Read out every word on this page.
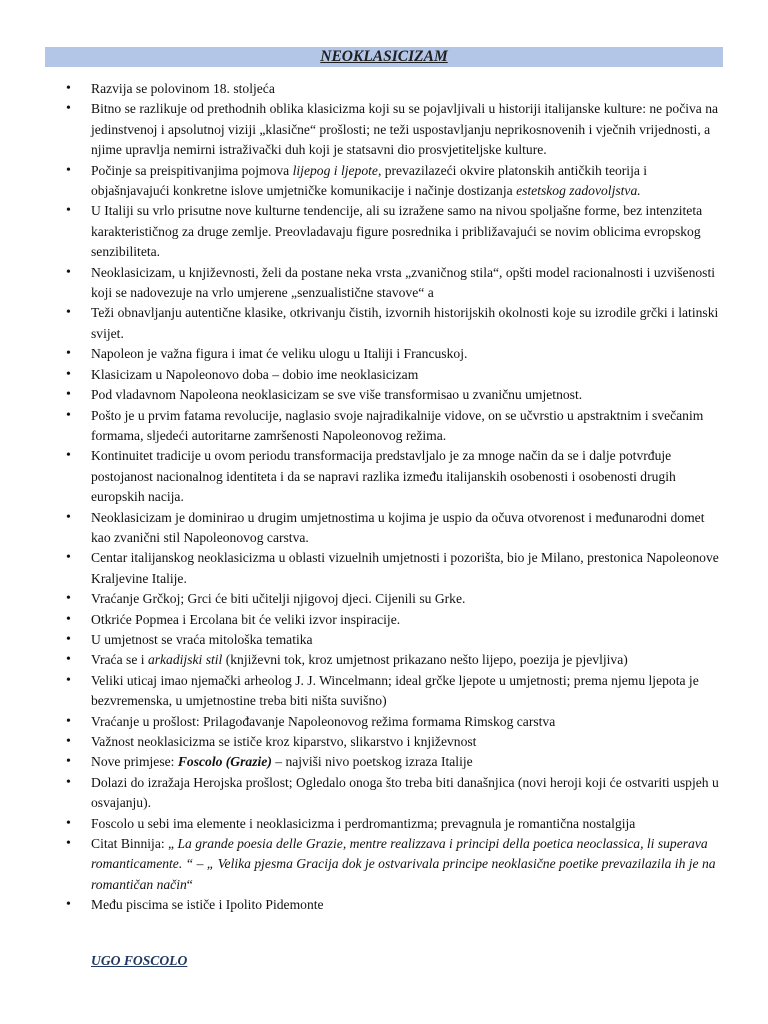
NEOKLASICIZAM
• Razvija se polovinom 18. stoljeća
• Bitno se razlikuje od prethodnih oblika klasicizma koji su se pojavljivali u historiji italijanske kulture: ne počiva na jedinstvenoj i apsolutnoj viziji „klasične“ prošlosti; ne teži uspostavljanju neprikosnovenih i vječnih vrijednosti, a njime upravlja nemirni istraživački duh koji je statsavni dio prosvjetiteljske kulture.
• Počinje sa preispitivanjima pojmova lijepog i ljepote, prevazilazeći okvire platonskih antičkih teorija i objašnjavajući konkretne islove umjetničke komunikacije i načinje dostizanja estetskog zadovoljstva.
• U Italiji su vrlo prisutne nove kulturne tendencije, ali su izražene samo na nivou spoljašne forme, bez intenziteta karakterističnog za druge zemlje. Preovladavaju figure posrednika i približavajući se novim oblicima evropskog senzibiliteta.
• Neoklasicizam, u književnosti, želi da postane neka vrsta „zvaničnog stila“, opšti model racionalnosti i uzvišenosti koji se nadovezuje na vrlo umjerene „senzualistične stavove“ a
• Teži obnavljanju autentične klasike, otkrivanju čistih, izvornih historijskih okolnosti koje su izrodile grčki i latinski svijet.
• Napoleon je važna figura i imat će veliku ulogu u Italiji i Francuskoj.
• Klasicizam u Napoleonovo doba – dobio ime neoklasicizam
• Pod vladavnom Napoleona neoklasicizam se sve više transformisao u zvaničnu umjetnost.
• Pošto je u prvim fatama revolucije, naglasio svoje najradikalnije vidove, on se učvrstio u apstraktnim i svečanim formama, sljedeći autoritarne zamršenosti Napoleonovog režima.
• Kontinuitet tradicije u ovom periodu transformacija predstavljalo je za mnoge način da se i dalje potvrđuje postojanost nacionalnog identiteta i da se napravi razlika između italijanskih osobenosti i osobenosti drugih europskih nacija.
• Neoklasicizam je dominirao u drugim umjetnostima u kojima je uspio da očuva otvorenost i međunarodni domet kao zvanični stil Napoleonovog carstva.
• Centar italijanskog neoklasicizma u oblasti vizuelnih umjetnosti i pozorišta, bio je Milano, prestonica Napoleonove Kraljevine Italije.
• Vraćanje Grčkoj; Grci će biti učitelji njigovoj djeci. Cijenili su Grke.
• Otkriće Popmea i Ercolana bit će veliki izvor inspiracije.
• U umjetnost se vraća mitološka tematika
• Vraća se i arkadijski stil (književni tok, kroz umjetnost prikazano nešto lijepo, poezija je pjevljiva)
• Veliki uticaj imao njemački arheolog J. J. Wincelmann; ideal grčke ljepote u umjetnosti; prema njemu ljepota je bezvremenska, u umjetnostine treba biti ništa suvišno)
• Vraćanje u prošlost: Prilagođavanje Napoleonovog režima formama Rimskog carstva
• Važnost neoklasicizma se ističe kroz kiparstvo, slikarstvo i književnost
• Nove primjese: Foscolo (Grazie) – najviši nivo poetskog izraza Italije
• Dolazi do izražaja Herojska prošlost; Ogledalo onoga što treba biti današnjica (novi heroji koji će ostvariti uspjeh u osvajanju).
• Foscolo u sebi ima elemente i neoklasicizma i perdromantizma; prevagnula je romantična nostalgija
• Citat Binnija: „ La grande poesia delle Grazie, mentre realizzava i principi della poetica neoclassica, li superava romanticamente. “ – „ Velika pjesma Gracija dok je ostvarivala principe neoklasične poetike prevazilazila ih je na romantičan način“
• Među piscima se ističe i Ipolito Pidemonte
UGO FOSCOLO
